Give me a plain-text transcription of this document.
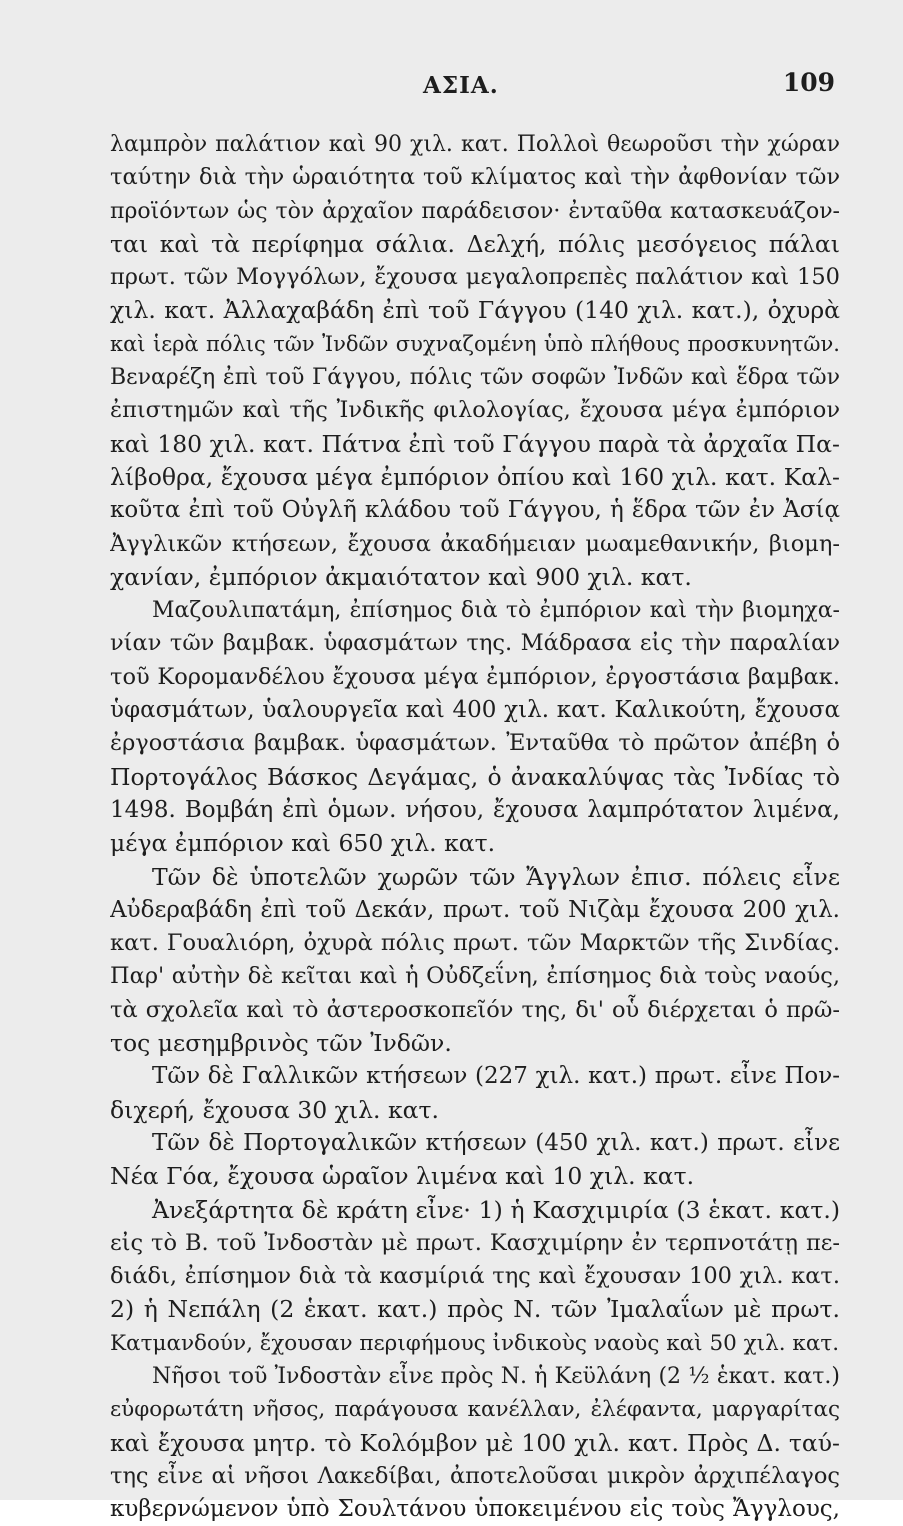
ΑΣΙΑ.	109
λαμπρὸν παλάτιον καὶ 90 χιλ. κατ. Πολλοὶ θεωροῦσι τὴν χώραν
ταύτην διὰ τὴν ὡραιότητα τοῦ κλίματος καὶ τὴν ἀφθονίαν τῶν
προϊόντων ὡς τὸν ἀρχαῖον παράδεισον· ἐνταῦθα κατασκευάζον-
ται καὶ τὰ περίφημα σάλια. Δελχή, πόλις μεσόγειος πάλαι
πρωτ. τῶν Μογγόλων, ἔχουσα μεγαλοπρεπὲς παλάτιον καὶ 150
χιλ. κατ. Ἀλλαχαβάδη ἐπὶ τοῦ Γάγγου (140 χιλ. κατ.), ὀχυρὰ
καὶ ἱερὰ πόλις τῶν Ἰνδῶν συχναζομένη ὑπὸ πλήθους προσκυνητῶν.
Βεναρέζη ἐπὶ τοῦ Γάγγου, πόλις τῶν σοφῶν Ἰνδῶν καὶ ἕδρα τῶν
ἐπιστημῶν καὶ τῆς Ἰνδικῆς φιλολογίας, ἔχουσα μέγα ἐμπόριον
καὶ 180 χιλ. κατ. Πάτνα ἐπὶ τοῦ Γάγγου παρὰ τὰ ἀρχαῖα Πα-
λίβοθρα, ἔχουσα μέγα ἐμπόριον ὀπίου καὶ 160 χιλ. κατ. Καλ-
κοῦτα ἐπὶ τοῦ Οὐγλῆ κλάδου τοῦ Γάγγου, ἡ ἕδρα τῶν ἐν Ἀσίᾳ
Ἀγγλικῶν κτήσεων, ἔχουσα ἀκαδήμειαν μωαμεθανικήν, βιομη-
χανίαν, ἐμπόριον ἀκμαιότατον καὶ 900 χιλ. κατ.
Μαζουλιπατάμη, ἐπίσημος διὰ τὸ ἐμπόριον καὶ τὴν βιομηχα-
νίαν τῶν βαμβακ. ὑφασμάτων της. Μάδρασα εἰς τὴν παραλίαν
τοῦ Κορομανδέλου ἔχουσα μέγα ἐμπόριον, ἐργοστάσια βαμβακ.
ὑφασμάτων, ὑαλουργεῖα καὶ 400 χιλ. κατ. Καλικούτη, ἔχουσα
ἐργοστάσια βαμβακ. ὑφασμάτων. Ἐνταῦθα τὸ πρῶτον ἀπέβη ὁ
Πορτογάλος Βάσκος Δεγάμας, ὁ ἀνακαλύψας τὰς Ἰνδίας τὸ
1498. Βομβάη ἐπὶ ὁμων. νήσου, ἔχουσα λαμπρότατον λιμένα,
μέγα ἐμπόριον καὶ 650 χιλ. κατ.
Τῶν δὲ ὑποτελῶν χωρῶν τῶν Ἄγγλων ἐπισ. πόλεις εἶνε
Αὐδεραβάδη ἐπὶ τοῦ Δεκάν, πρωτ. τοῦ Νιζὰμ ἔχουσα 200 χιλ.
κατ. Γουαλιόρη, ὀχυρὰ πόλις πρωτ. τῶν Μαρκτῶν τῆς Σινδίας.
Παρ' αὐτὴν δὲ κεῖται καὶ ἡ Οὐδζεΐνη, ἐπίσημος διὰ τοὺς ναούς,
τὰ σχολεῖα καὶ τὸ ἀστεροσκοπεῖόν της, δι' οὗ διέρχεται ὁ πρῶ-
τος μεσημβρινὸς τῶν Ἰνδῶν.
Τῶν δὲ Γαλλικῶν κτήσεων (227 χιλ. κατ.) πρωτ. εἶνε Πον-
διχερή, ἔχουσα 30 χιλ. κατ.
Τῶν δὲ Πορτογαλικῶν κτήσεων (450 χιλ. κατ.) πρωτ. εἶνε
Νέα Γόα, ἔχουσα ὡραῖον λιμένα καὶ 10 χιλ. κατ.
Ἀνεξάρτητα δὲ κράτη εἶνε· 1) ἡ Κασχιμιρία (3 ἑκατ. κατ.)
εἰς τὸ Β. τοῦ Ἰνδοστὰν μὲ πρωτ. Κασχιμίρην ἐν τερπνοτάτῃ πε-
διάδι, ἐπίσημον διὰ τὰ κασμίριά της καὶ ἔχουσαν 100 χιλ. κατ.
2) ἡ Νεπάλη (2 ἑκατ. κατ.) πρὸς Ν. τῶν Ἰμαλαΐων μὲ πρωτ.
Κατμανδούν, ἔχουσαν περιφήμους ἰνδικοὺς ναοὺς καὶ 50 χιλ. κατ.
Νῆσοι τοῦ Ἰνδοστὰν εἶνε πρὸς Ν. ἡ Κεϋλάνη (2 ½ ἑκατ. κατ.)
εὐφορωτάτη νῆσος, παράγουσα κανέλλαν, ἐλέφαντα, μαργαρίτας
καὶ ἔχουσα μητρ. τὸ Κολόμβον μὲ 100 χιλ. κατ. Πρὸς Δ. ταύ-
της εἶνε αἱ νῆσοι Λακεδίβαι, ἀποτελοῦσαι μικρὸν ἀρχιπέλαγος
κυβερνώμενον ὑπὸ Σουλτάνου ὑποκειμένου εἰς τοὺς Ἄγγλους,
